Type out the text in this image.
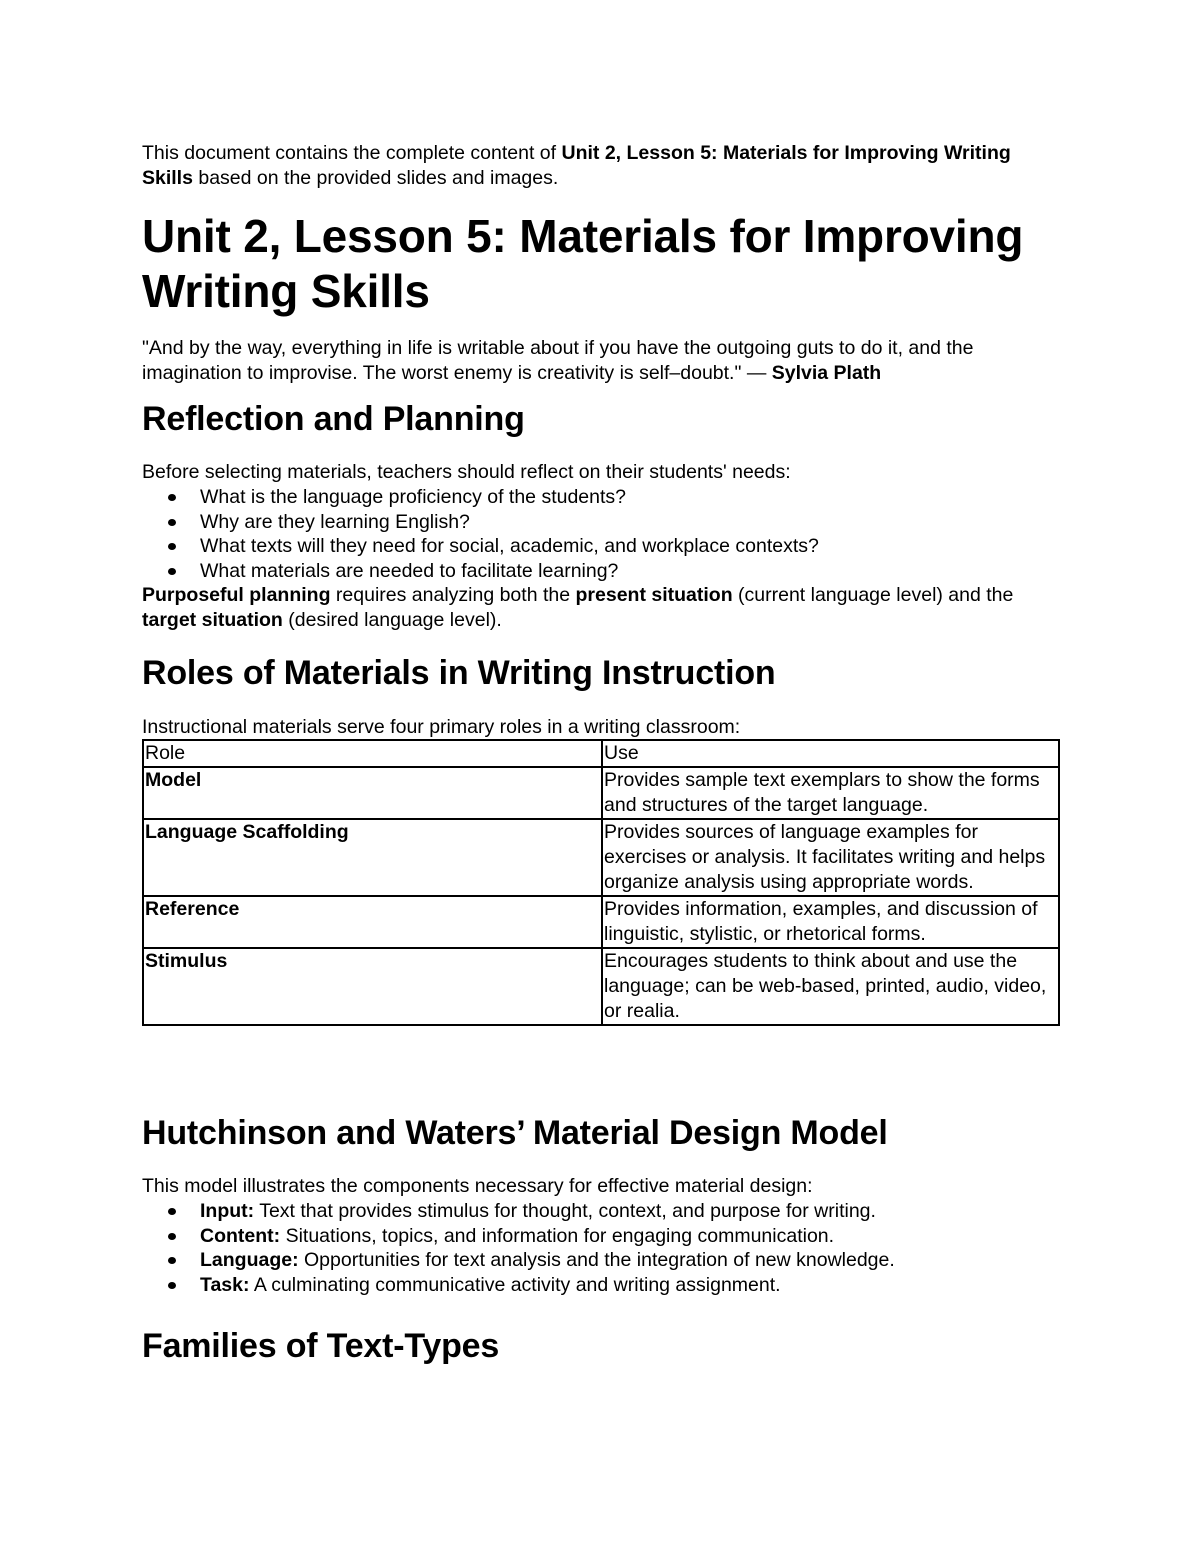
This document contains the complete content of Unit 2, Lesson 5: Materials for Improving Writing Skills based on the provided slides and images.

Unit 2, Lesson 5: Materials for Improving Writing Skills

"And by the way, everything in life is writable about if you have the outgoing guts to do it, and the imagination to improvise. The worst enemy is creativity is self–doubt." — Sylvia Plath

Reflection and Planning

Before selecting materials, teachers should reflect on their students' needs:

What is the language proficiency of the students?
Why are they learning English?
What texts will they need for social, academic, and workplace contexts?
What materials are needed to facilitate learning?

Purposeful planning requires analyzing both the present situation (current language level) and the target situation (desired language level).

Roles of Materials in Writing Instruction

Instructional materials serve four primary roles in a writing classroom:

Role	Use
Model	Provides sample text exemplars to show the forms and structures of the target language.
Language Scaffolding	Provides sources of language examples for exercises or analysis. It facilitates writing and helps organize analysis using appropriate words.
Reference	Provides information, examples, and discussion of linguistic, stylistic, or rhetorical forms.
Stimulus	Encourages students to think about and use the language; can be web-based, printed, audio, video, or realia.
Hutchinson and Waters’ Material Design Model

This model illustrates the components necessary for effective material design:

Input: Text that provides stimulus for thought, context, and purpose for writing.
Content: Situations, topics, and information for engaging communication.
Language: Opportunities for text analysis and the integration of new knowledge.
Task: A culminating communicative activity and writing assignment.
Families of Text-Types
